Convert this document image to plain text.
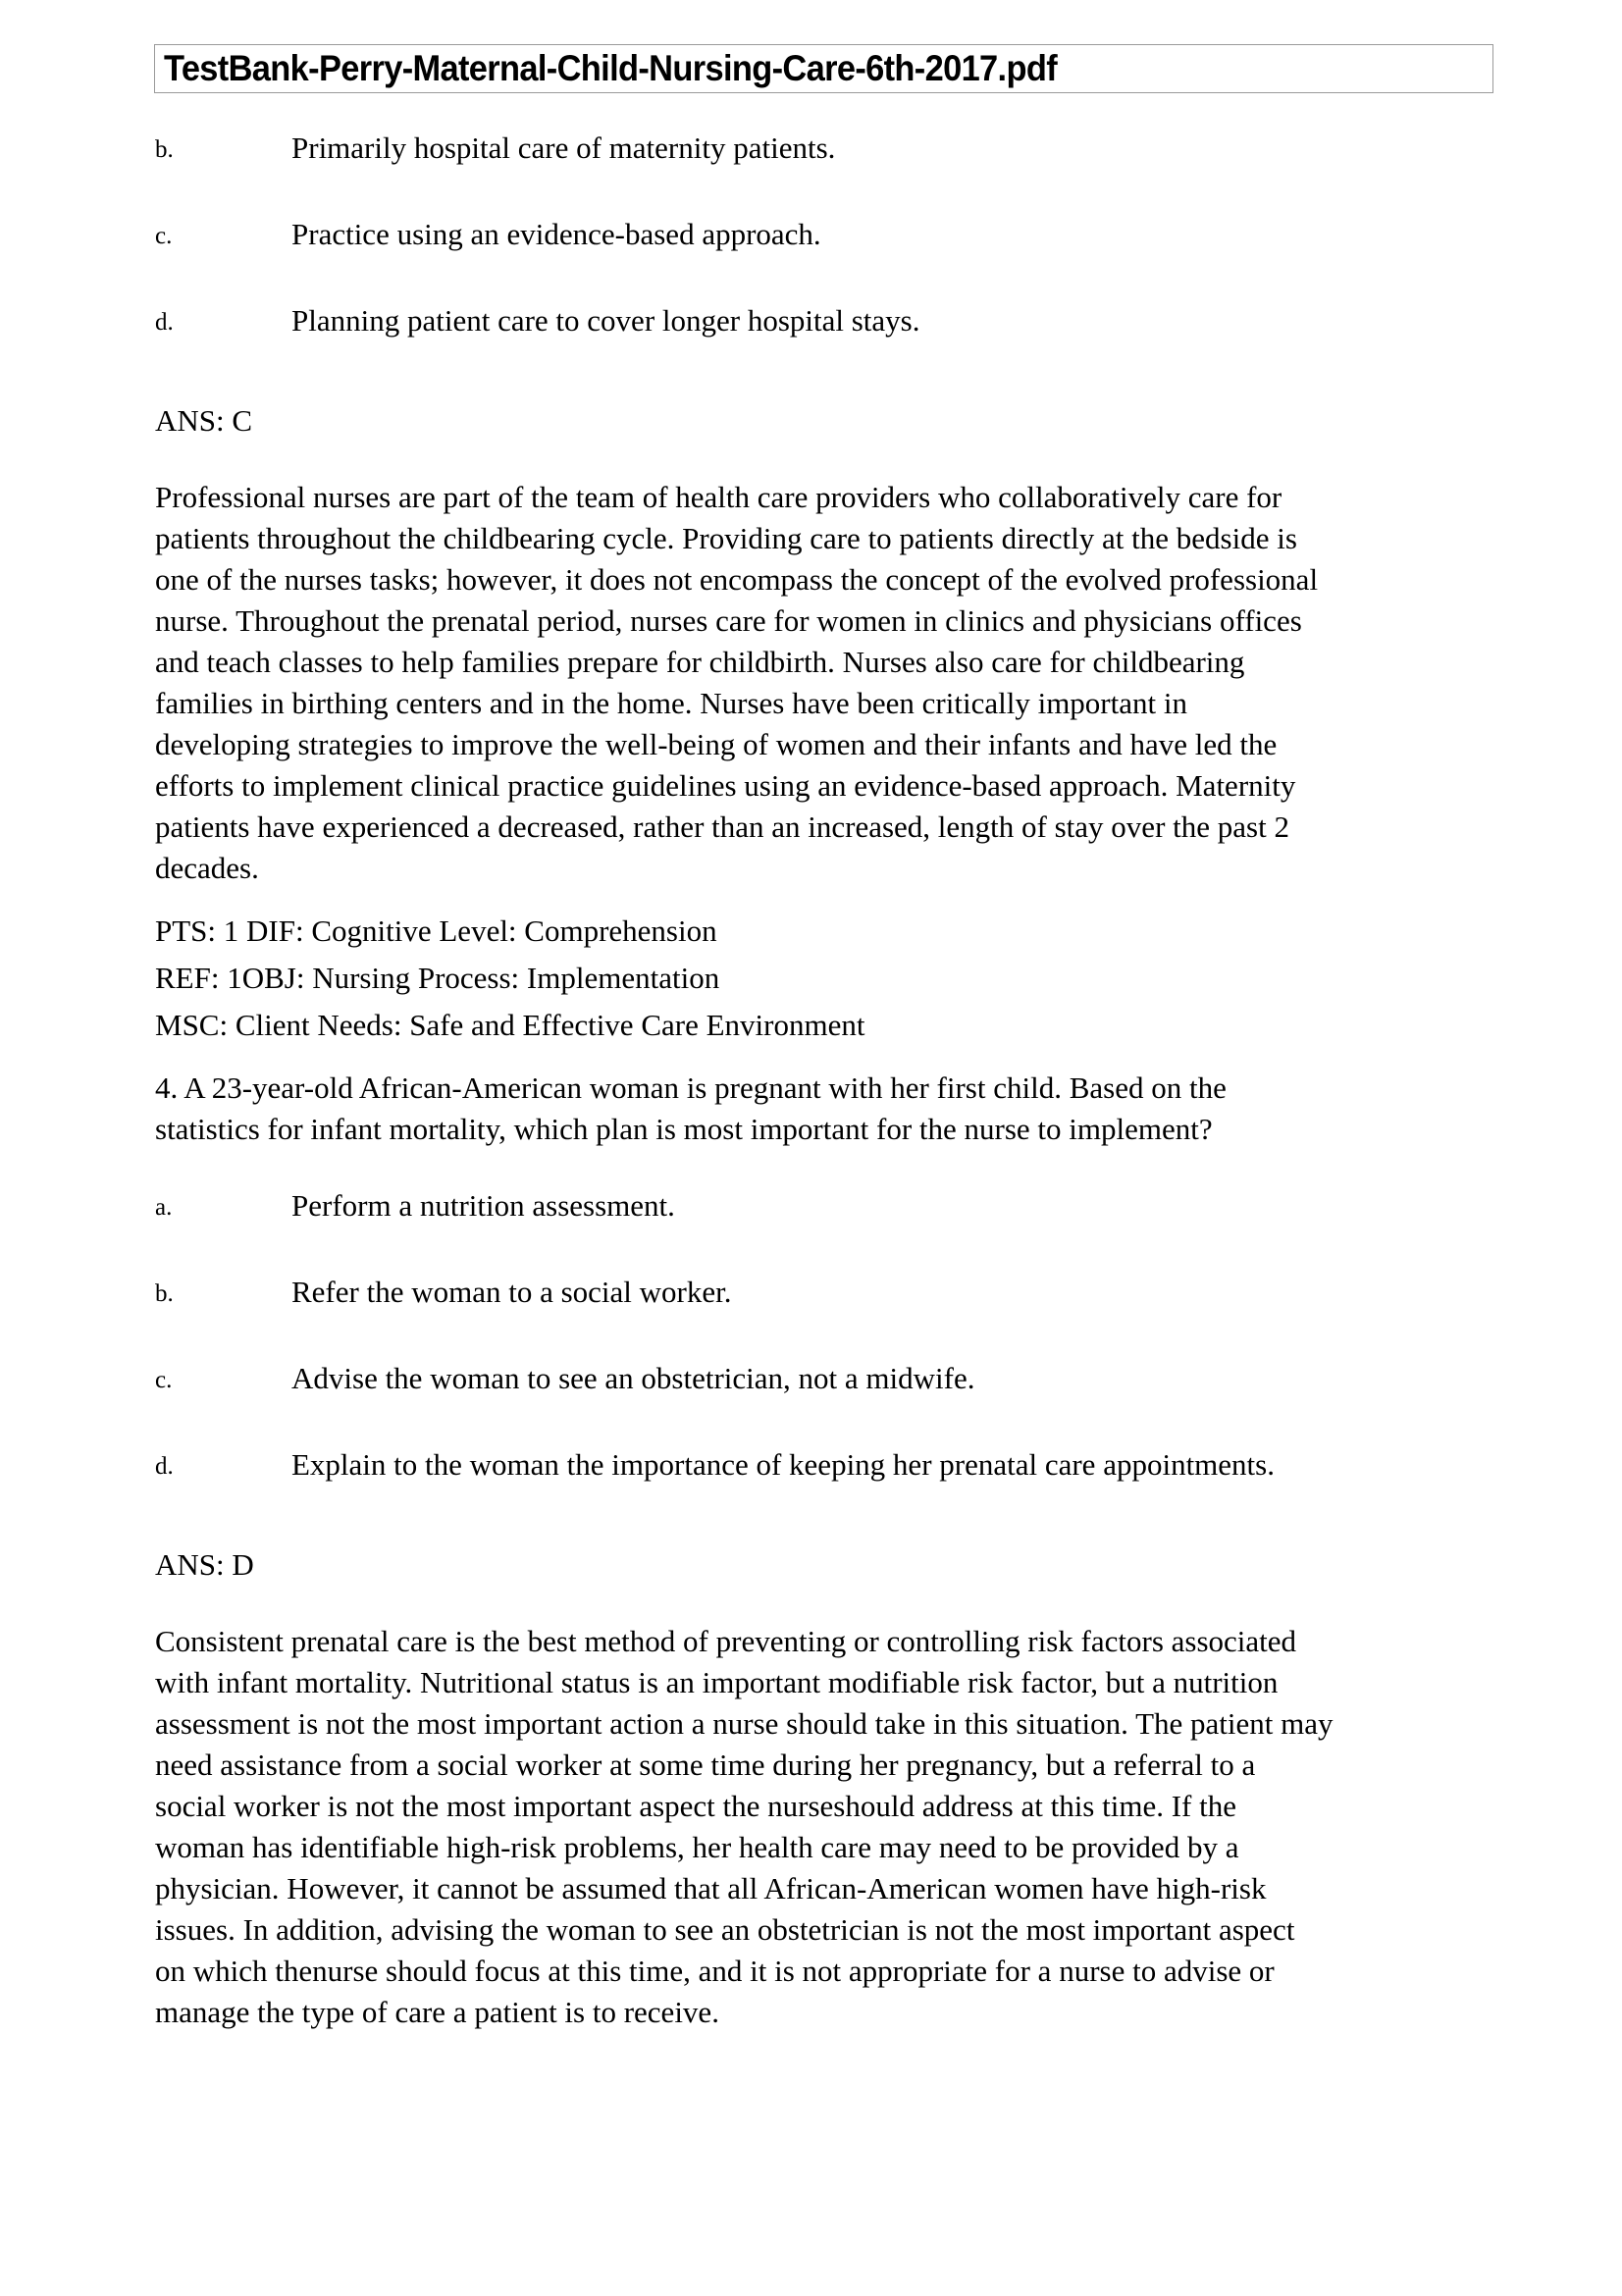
TestBank-Perry-Maternal-Child-Nursing-Care-6th-2017.pdf
b.	Primarily hospital care of maternity patients.
c.	Practice using an evidence-based approach.
d.	Planning patient care to cover longer hospital stays.
ANS: C
Professional nurses are part of the team of health care providers who collaboratively care for
patients throughout the childbearing cycle. Providing care to patients directly at the bedside is
one of the nurses tasks; however, it does not encompass the concept of the evolved professional
nurse. Throughout the prenatal period, nurses care for women in clinics and physicians offices
and teach classes to help families prepare for childbirth. Nurses also care for childbearing
families in birthing centers and in the home. Nurses have been critically important in
developing strategies to improve the well-being of women and their infants and have led the
efforts to implement clinical practice guidelines using an evidence-based approach. Maternity
patients have experienced a decreased, rather than an increased, length of stay over the past 2
decades.
PTS: 1 DIF: Cognitive Level: Comprehension
REF: 1OBJ: Nursing Process: Implementation
MSC: Client Needs: Safe and Effective Care Environment
4. A 23-year-old African-American woman is pregnant with her first child. Based on the
statistics for infant mortality, which plan is most important for the nurse to implement?
a.	Perform a nutrition assessment.
b.	Refer the woman to a social worker.
c.	Advise the woman to see an obstetrician, not a midwife.
d.	Explain to the woman the importance of keeping her prenatal care appointments.
ANS: D
Consistent prenatal care is the best method of preventing or controlling risk factors associated
with infant mortality. Nutritional status is an important modifiable risk factor, but a nutrition
assessment is not the most important action a nurse should take in this situation. The patient may
need assistance from a social worker at some time during her pregnancy, but a referral to a
social worker is not the most important aspect the nurseshould address at this time. If the
woman has identifiable high-risk problems, her health care may need to be provided by a
physician. However, it cannot be assumed that all African-American women have high-risk
issues. In addition, advising the woman to see an obstetrician is not the most important aspect
on which thenurse should focus at this time, and it is not appropriate for a nurse to advise or
manage the type of care a patient is to receive.
